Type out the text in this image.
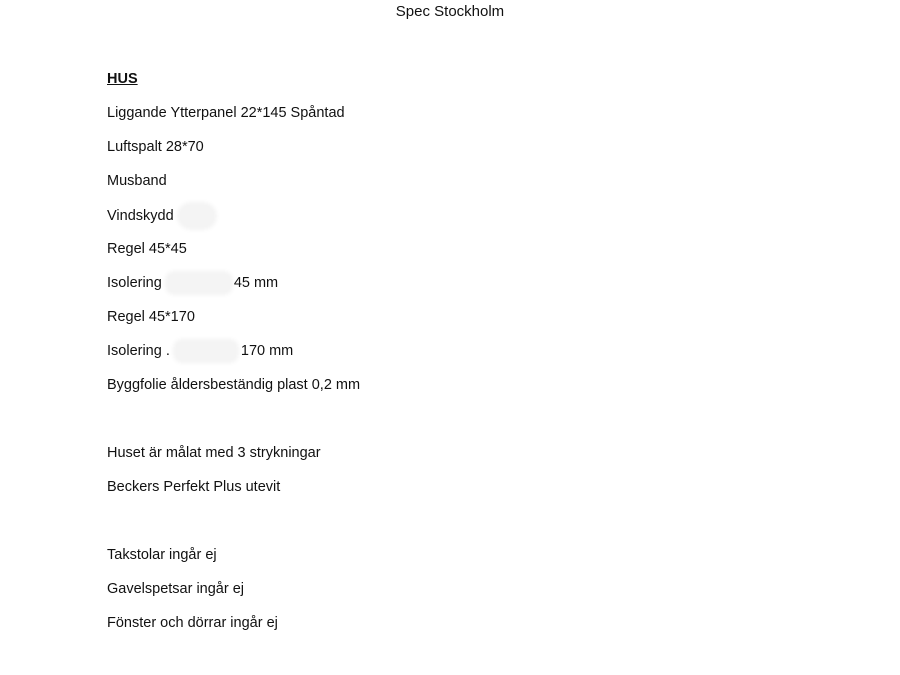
Spec Stockholm
HUS
Liggande Ytterpanel 22*145 Spåntad
Luftspalt 28*70
Musband
Vindskydd
Regel 45*45
Isolering	45 mm
Regel 45*170
Isolering .	170 mm
Byggfolie åldersbeständig plast 0,2 mm
Huset är målat med 3 strykningar
Beckers Perfekt Plus utevit
Takstolar ingår ej
Gavelspetsar ingår ej
Fönster och dörrar ingår ej
